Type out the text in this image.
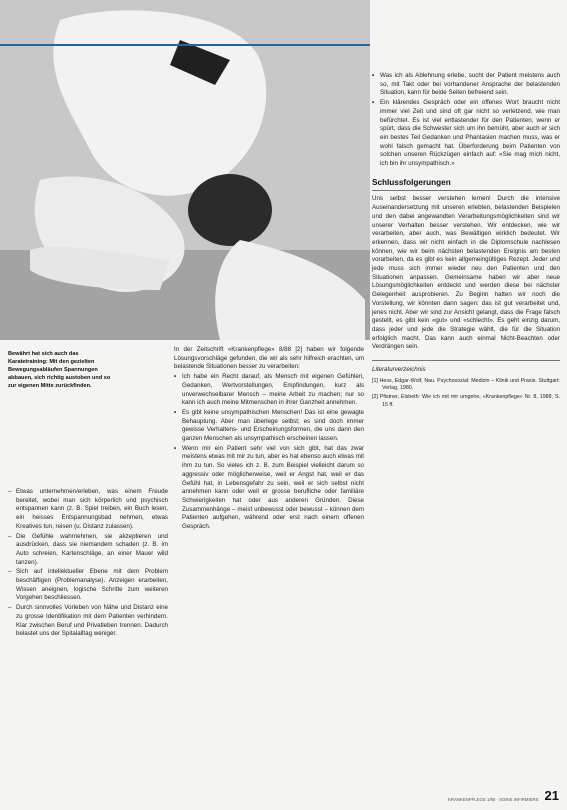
Bewährt hat sich auch das Karatetraining: Mit den gezielten Bewegungsabläufen Spannungen abbauen, sich richtig austoben und so zur eigenen Mitte zurückfinden.
– Etwas unternehmen/erleben, was einem Freude bereitet, wobei man sich körperlich und psychisch entspannen kann (z. B. Spiel treiben, ein Buch lesen, ein heisses Entspannungsbad nehmen, etwas Kreatives tun, reisen (u. Distanz zulassen).
– Die Gefühle wahrnehmen, sie akzeptieren und ausdrücken, dass sie niemandem schaden (z. B. im Auto schreien, Kartenschläge, an einer Mauer wild tanzen).
– Sich auf intellektueller Ebene mit dem Problem beschäftigen (Problemanalyse). Anzeigen erarbeiten, Wissen aneignen, logische Schritte zum weiteren Vorgehen beschliessen.
– Durch sinnvolles Vorleben von Nähe und Distanz eine zu grosse Identifikation mit dem Patienten verhindern. Klar zwischen Beruf und Privatleben trennen. Dadurch belastet uns der Spitalalltag weniger.

In der Zeitschrift «Krankenpflege» 8/88 [2] haben wir folgende Lösungsvorschläge gefunden, die wir als sehr hilfreich erachten, um belastende Situationen besser zu verarbeiten:

• Ich habe ein Recht darauf, als Mensch mit eigenen Gefühlen, Gedanken, Wertvorstellungen, Empfindungen, kurz als unverwechselbarer Mensch – meine Arbeit zu machen; nur so kann ich auch meine Mitmenschen in ihrer Ganzheit annehmen.
• Es gibt keine unsympathischen Menschen! Das ist eine gewagte Behauptung. Aber man überlege selbst; es sind doch immer gewisse Verhaltens- und Erscheinungsformen, die uns dann den ganzen Menschen als unsympathisch erscheinen lassen.
• Wenn mir ein Patient sehr viel von sich gibt, hat das zwar meistens etwas mit mir zu tun, aber es hat ebenso auch etwas mit ihm zu tun. So vieles ich z. B. zum Beispiel vielleicht darum so aggressiv oder möglicherweise, weil er Angst hat, weil er das Gefühl hat, in Lebensgefahr zu sein, weil er sich selbst nicht annehmen kann oder weil er grosse berufliche oder familiäre Schwierigkeiten hat oder aus anderen Gründen. Diese Zusammenhänge – meist unbewusst oder bewusst – können dem Patienten aufgehen, während oder erst nach einem offenen Gespräch.
• Was ich als Ablehnung erlebe, sucht der Patient meistens auch so, mit Takt oder bei vorhandener Ansprache der belastenden Situation, kann für beide Seiten befreiend sein.
• Ein klärendes Gespräch oder ein offenes Wort braucht nicht immer viel Zeit und sind oft gar nicht so verletzend, wie man befürchtet. Es ist viel entlastender für den Patienten, wenn er spürt, dass die Schwester sich um ihn bemüht, aber auch er sich ein bestes Teil Gedanken und Phantasien machen muss, was er wohl falsch gemacht hat. Überforderung beim Patienten von solchen unseren Rückzügen einfach auf: «Sie mag mich nicht, ich bin ihr unsympathisch.»
Schlussfolgerungen

Uns selbst besser verstehen lernen! Durch die intensive Auseinandersetzung mit unseren erlebten, belastenden Beispielen und den dabei angewandten Verarbeitungsmöglichkeiten sind wir unserer Verhalten besser verstehen. Wir entdecken, wie wir verarbeiten, aber auch, was Bewältigen wirklich bedeutet. Wir erkennen, dass wir nicht einfach in die Diplomschule nachlesen können, wie wir beim nächsten belastenden Ereignis am besten vorarbeiten, da es gibt es kein allgemeingültiges Rezept. Jeder und jede muss sich immer wieder neu den Patienten und den Situationen anpassen. Gemeinsame haben wir aber neue Lösungsmöglichkeiten entdeckt und werden diese bei nächster Gelegenheit ausprobieren. Zu Beginn hatten wir noch die Vorstellung, wir könnten dann sagen: das ist gut verarbeitet und, jenes nicht. Aber wir sind zur Ansicht gelangt, dass die Frage falsch gestellt, es gibt kein «gut» und «schlecht». Es geht einzig darum, dass jeder und jede die Strategie wählt, die für die Situation erfolglich macht. Das kann auch einmal Nicht-Beachten oder Verdrängen sein.

Literaturverzeichnis

[1] Hess, Edgar-Wolf, Nau. Psychosozial: Medizin – Klinik und Praxis. Stuttgart: Verlag, 1980.

[2] Pfistner, Elsbeth: Wie ich mit mir umgehe, «Krankenpflege» Nr. 8, 1988, S. 15 ff.

KRANKENPFLEGE 1/90 · SOINS INFIRMIERS 21
